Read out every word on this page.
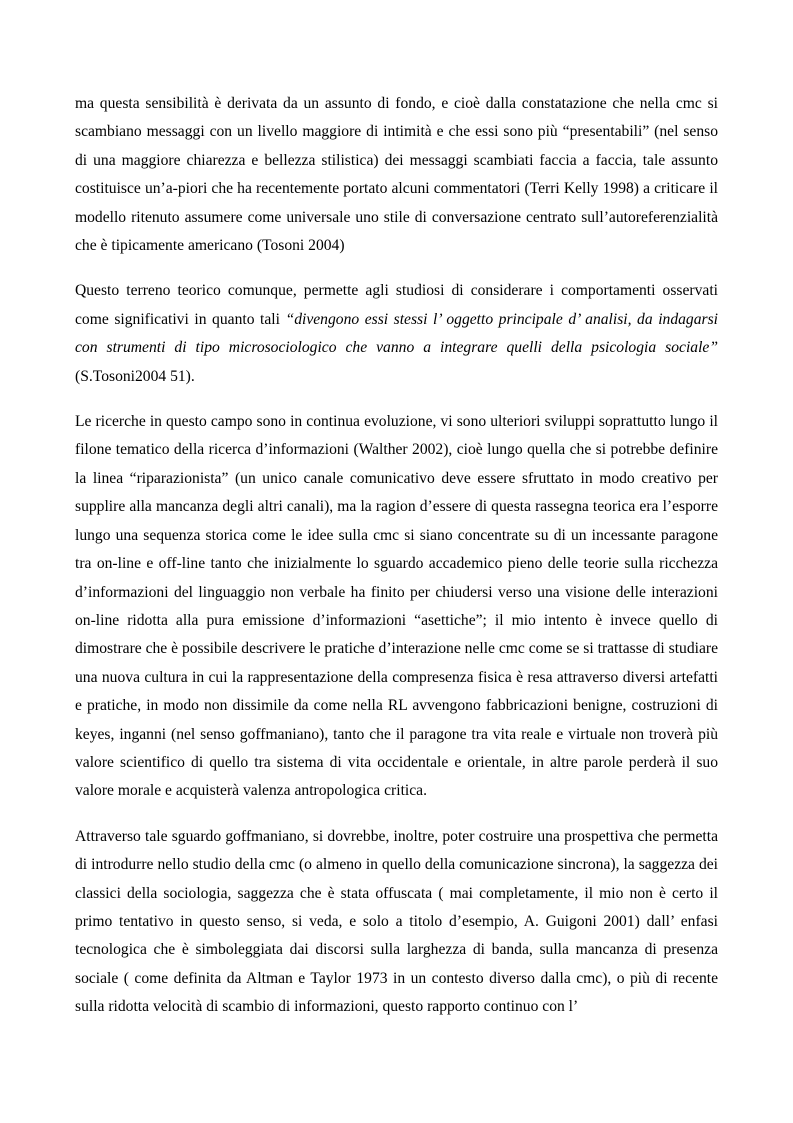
ma questa sensibilità è derivata da un assunto di fondo, e cioè dalla constatazione che nella cmc si scambiano messaggi con un livello maggiore di intimità e che essi sono più “presentabili” (nel senso di una maggiore chiarezza e bellezza stilistica) dei messaggi scambiati faccia a faccia, tale assunto costituisce un’a-piori che ha recentemente portato alcuni commentatori (Terri Kelly 1998) a criticare il modello ritenuto assumere come universale uno stile di conversazione centrato sull’autoreferenzialità che è tipicamente americano (Tosoni 2004)

Questo terreno teorico comunque, permette agli studiosi di considerare i comportamenti osservati come significativi in quanto tali “divengono essi stessi l’ oggetto principale d’ analisi, da indagarsi con strumenti di tipo microsociologico che vanno a integrare quelli della psicologia sociale” (S.Tosoni2004 51).

Le ricerche in questo campo sono in continua evoluzione, vi sono ulteriori sviluppi soprattutto lungo il filone tematico della ricerca d’informazioni (Walther 2002), cioè lungo quella che si potrebbe definire la linea “riparazionista” (un unico canale comunicativo deve essere sfruttato in modo creativo per supplire alla mancanza degli altri canali), ma la ragion d’essere di questa rassegna teorica era l’esporre lungo una sequenza storica come le idee sulla cmc si siano concentrate su di un incessante paragone tra on-line e off-line tanto che inizialmente lo sguardo accademico pieno delle teorie sulla ricchezza d’informazioni del linguaggio non verbale ha finito per chiudersi verso una visione delle interazioni on-line ridotta alla pura emissione d’informazioni “asettiche”; il mio intento è invece quello di dimostrare che è possibile descrivere le pratiche d’interazione nelle cmc come se si trattasse di studiare una nuova cultura in cui la rappresentazione della compresenza fisica è resa attraverso diversi artefatti e pratiche, in modo non dissimile da come nella RL avvengono fabbricazioni benigne, costruzioni di keyes, inganni (nel senso goffmaniano), tanto che il paragone tra vita reale e virtuale non troverà più valore scientifico di quello tra sistema di vita occidentale e orientale, in altre parole perderà il suo valore morale e acquisterà valenza antropologica critica.

Attraverso tale sguardo goffmaniano, si dovrebbe, inoltre, poter costruire una prospettiva che permetta di introdurre nello studio della cmc (o almeno in quello della comunicazione sincrona), la saggezza dei classici della sociologia, saggezza che è stata offuscata ( mai completamente, il mio non è certo il primo tentativo in questo senso, si veda, e solo a titolo d’esempio, A. Guigoni 2001) dall’ enfasi tecnologica che è simboleggiata dai discorsi sulla larghezza di banda, sulla mancanza di presenza sociale ( come definita da Altman e Taylor 1973 in un contesto diverso dalla cmc), o più di recente sulla ridotta velocità di scambio di informazioni, questo rapporto continuo con l’
